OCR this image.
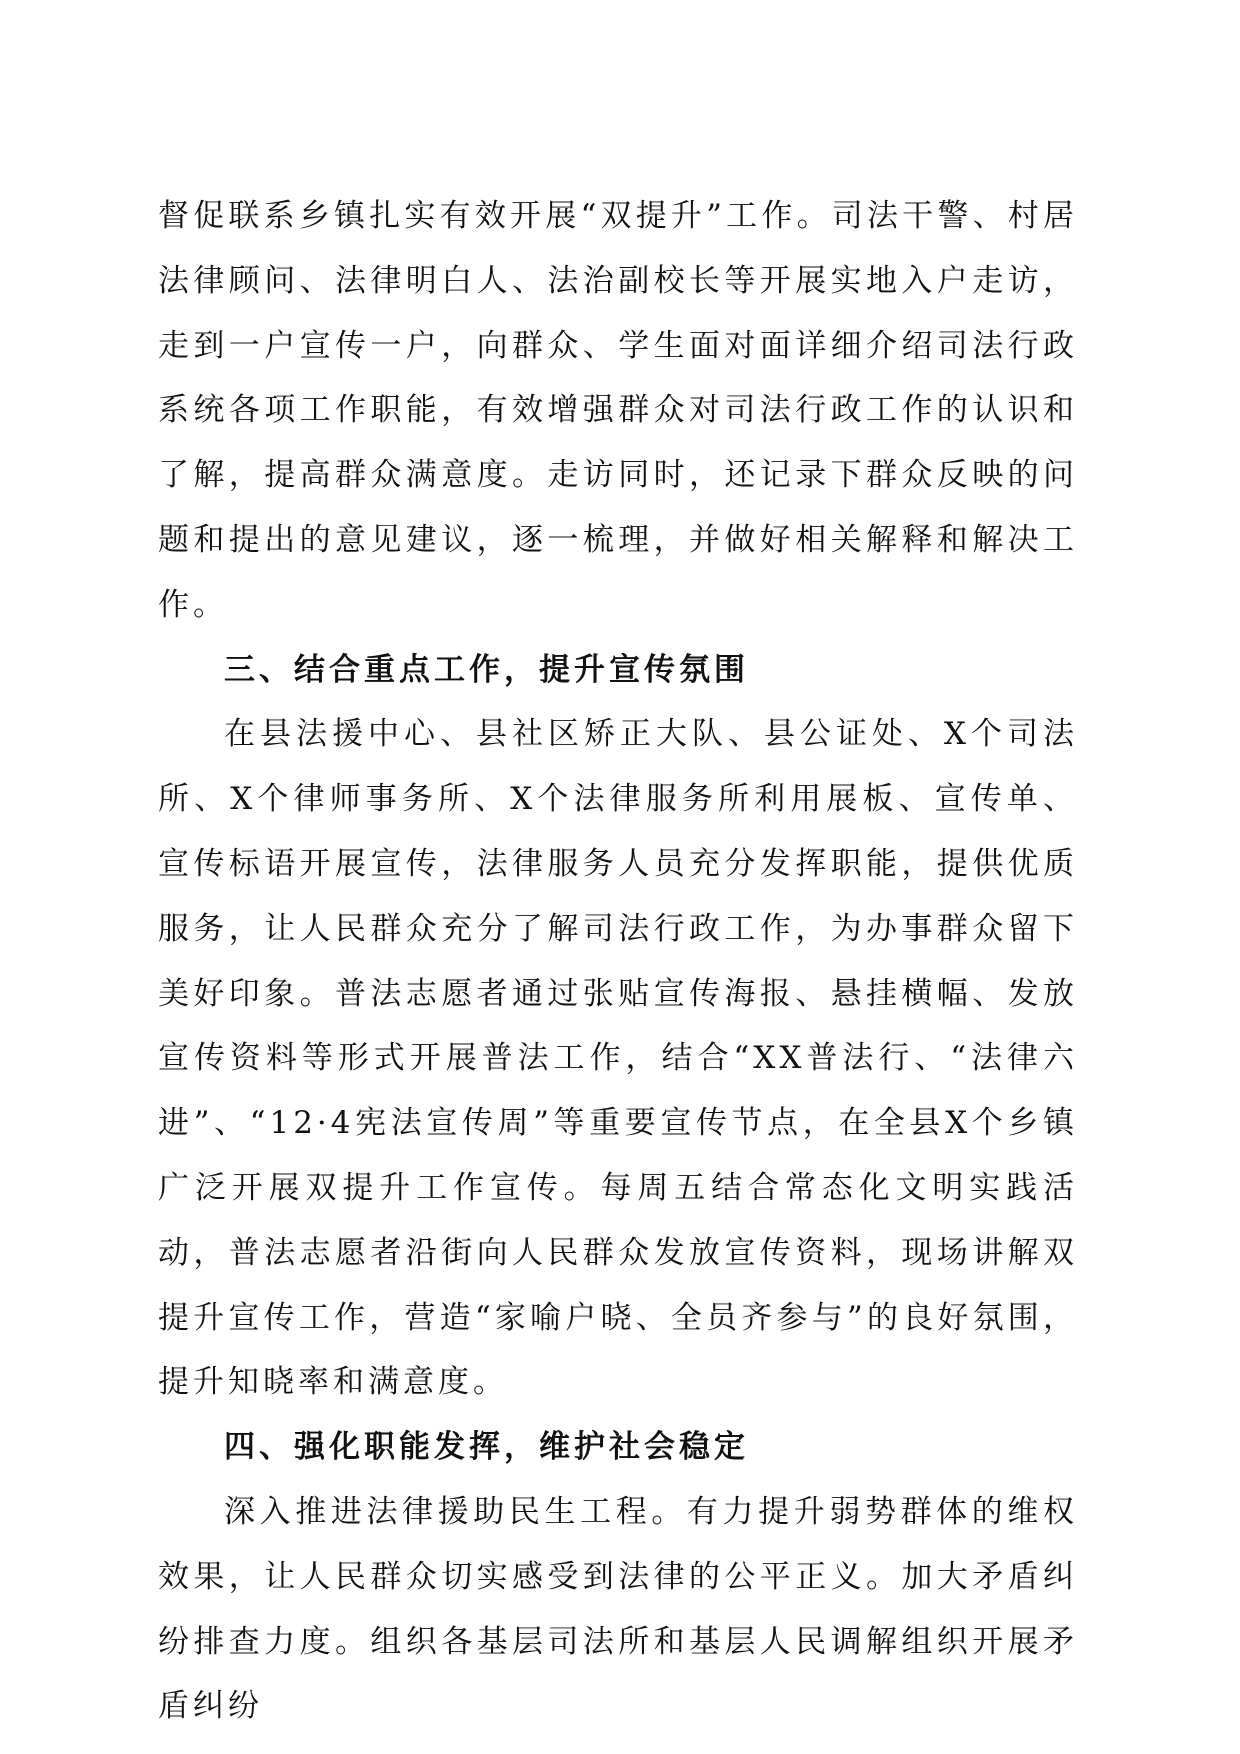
督促联系乡镇扎实有效开展“双提升”工作。司法干警、村居法律顾问、法律明白人、法治副校长等开展实地入户走访，走到一户宣传一户，向群众、学生面对面详细介绍司法行政系统各项工作职能，有效增强群众对司法行政工作的认识和了解，提高群众满意度。走访同时，还记录下群众反映的问题和提出的意见建议，逐一梳理，并做好相关解释和解决工作。

三、结合重点工作，提升宣传氛围

在县法援中心、县社区矫正大队、县公证处、X个司法所、X个律师事务所、X个法律服务所利用展板、宣传单、宣传标语开展宣传，法律服务人员充分发挥职能，提供优质服务，让人民群众充分了解司法行政工作，为办事群众留下美好印象。普法志愿者通过张贴宣传海报、悬挂横幅、发放宣传资料等形式开展普法工作，结合“XX普法行、“法律六进”、“12·4宪法宣传周”等重要宣传节点，在全县X个乡镇广泛开展双提升工作宣传。每周五结合常态化文明实践活动，普法志愿者沿街向人民群众发放宣传资料，现场讲解双提升宣传工作，营造“家喻户晓、全员齐参与”的良好氛围，提升知晓率和满意度。

四、强化职能发挥，维护社会稳定

深入推进法律援助民生工程。有力提升弱势群体的维权效果，让人民群众切实感受到法律的公平正义。加大矛盾纠纷排查力度。组织各基层司法所和基层人民调解组织开展矛盾纠纷
